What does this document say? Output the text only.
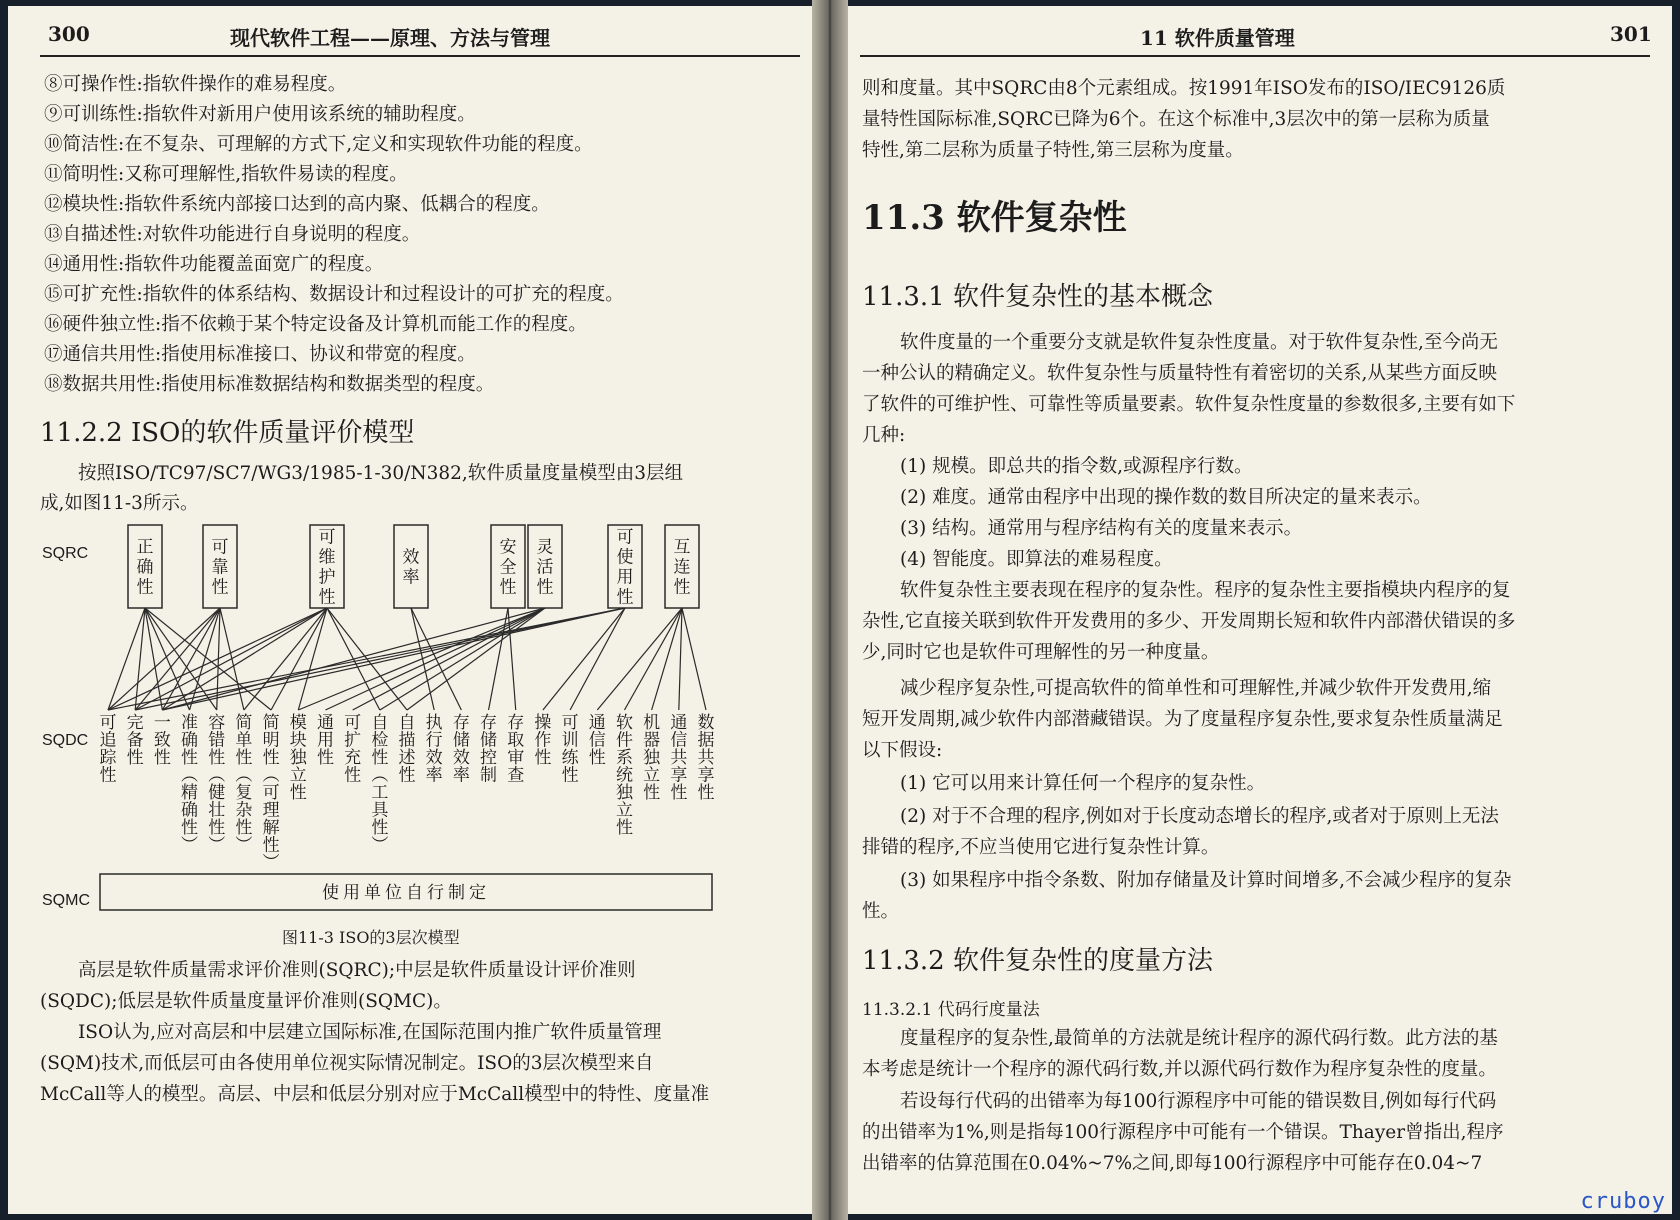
300	现代软件工程——原理、方法与管理
⑧可操作性:指软件操作的难易程度。
⑨可训练性:指软件对新用户使用该系统的辅助程度。
⑩简洁性:在不复杂、可理解的方式下,定义和实现软件功能的程度。
⑪简明性:又称可理解性,指软件易读的程度。
⑫模块性:指软件系统内部接口达到的高内聚、低耦合的程度。
⑬自描述性:对软件功能进行自身说明的程度。
⑭通用性:指软件功能覆盖面宽广的程度。
⑮可扩充性:指软件的体系结构、数据设计和过程设计的可扩充的程度。
⑯硬件独立性:指不依赖于某个特定设备及计算机而能工作的程度。
⑰通信共用性:指使用标准接口、协议和带宽的程度。
⑱数据共用性:指使用标准数据结构和数据类型的程度。
11.2.2 ISO的软件质量评价模型
按照ISO/TC97/SC7/WG3/1985-1-30/N382,软件质量度量模型由3层组
成,如图11-3所示。
正
确
性
可
靠
性
可
维
护
性
效
率
安
全
性
灵
活
性
可
使
用
性
互
连
性
可
追
踪
性
完
备
性
一
致
性
准
确
性
︵
精
确
性
︶
容
错
性
︵
健
壮
性
︶
简
单
性
︵
复
杂
性
︶
简
明
性
︵
可
理
解
性
︶
模
块
独
立
性
通
用
性
可
扩
充
性
自
检
性
︵
工
具
性
︶
自
描
述
性
执
行
效
率
存
储
效
率
存
储
控
制
存
取
审
查
操
作
性
可
训
练
性
通
信
性
软
件
系
统
独
立
性
机
器
独
立
性
通
信
共
享
性
数
据
共
享
性
SQRC
SQDC
SQMC	使用单位自行制定
图11-3 ISO的3层次模型
高层是软件质量需求评价准则(SQRC);中层是软件质量设计评价准则
(SQDC);低层是软件质量度量评价准则(SQMC)。
ISO认为,应对高层和中层建立国际标准,在国际范围内推广软件质量管理
(SQM)技术,而低层可由各使用单位视实际情况制定。ISO的3层次模型来自
McCall等人的模型。高层、中层和低层分别对应于McCall模型中的特性、度量准
11 软件质量管理	301
则和度量。其中SQRC由8个元素组成。按1991年ISO发布的ISO/IEC9126质
量特性国际标准,SQRC已降为6个。在这个标准中,3层次中的第一层称为质量
特性,第二层称为质量子特性,第三层称为度量。
11.3 软件复杂性
11.3.1 软件复杂性的基本概念
软件度量的一个重要分支就是软件复杂性度量。对于软件复杂性,至今尚无
一种公认的精确定义。软件复杂性与质量特性有着密切的关系,从某些方面反映
了软件的可维护性、可靠性等质量要素。软件复杂性度量的参数很多,主要有如下
几种:
(1) 规模。即总共的指令数,或源程序行数。
(2) 难度。通常由程序中出现的操作数的数目所决定的量来表示。
(3) 结构。通常用与程序结构有关的度量来表示。
(4) 智能度。即算法的难易程度。
软件复杂性主要表现在程序的复杂性。程序的复杂性主要指模块内程序的复
杂性,它直接关联到软件开发费用的多少、开发周期长短和软件内部潜伏错误的多
少,同时它也是软件可理解性的另一种度量。
减少程序复杂性,可提高软件的简单性和可理解性,并减少软件开发费用,缩
短开发周期,减少软件内部潜藏错误。为了度量程序复杂性,要求复杂性质量满足
以下假设:
(1) 它可以用来计算任何一个程序的复杂性。
(2) 对于不合理的程序,例如对于长度动态增长的程序,或者对于原则上无法
排错的程序,不应当使用它进行复杂性计算。
(3) 如果程序中指令条数、附加存储量及计算时间增多,不会减少程序的复杂
性。
11.3.2 软件复杂性的度量方法
11.3.2.1 代码行度量法
度量程序的复杂性,最简单的方法就是统计程序的源代码行数。此方法的基
本考虑是统计一个程序的源代码行数,并以源代码行数作为程序复杂性的度量。
若设每行代码的出错率为每100行源程序中可能的错误数目,例如每行代码
的出错率为1%,则是指每100行源程序中可能有一个错误。Thayer曾指出,程序
出错率的估算范围在0.04%~7%之间,即每100行源程序中可能存在0.04~7
cruboy
